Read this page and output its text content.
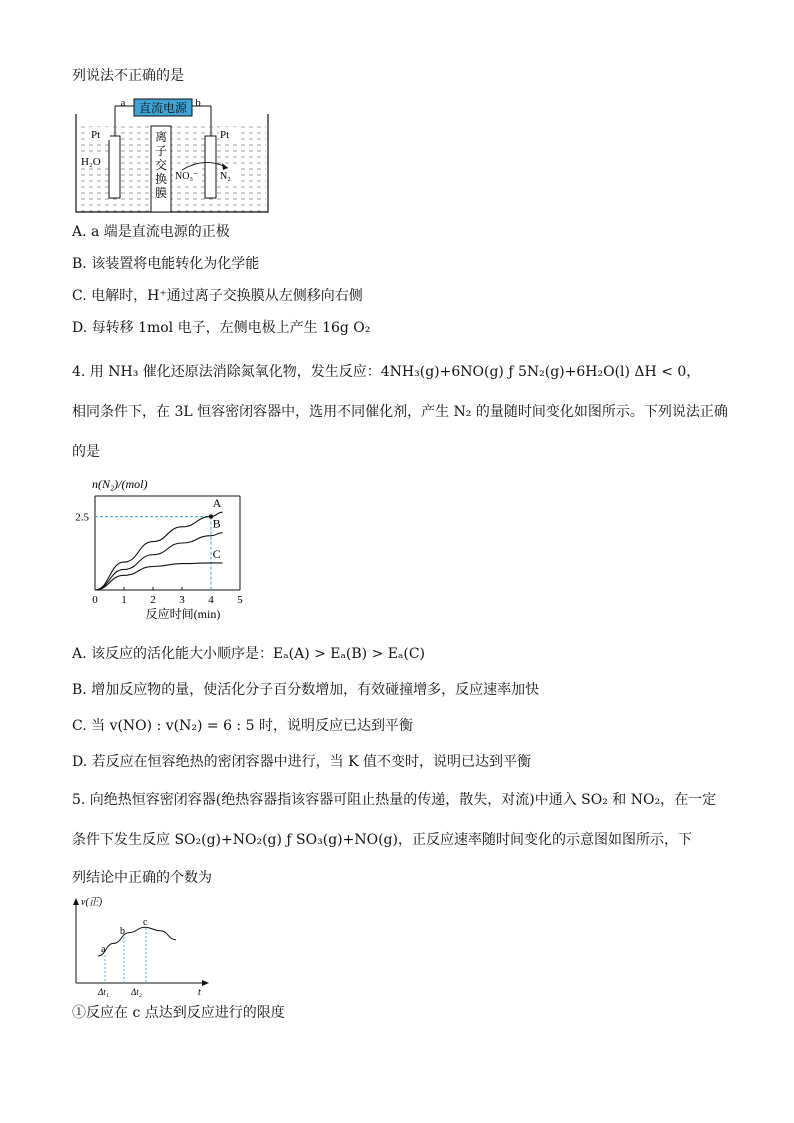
列说法不正确的是
直流电源
a	b
离
子
交
换
膜
Pt	Pt
H₂O
NO₃⁻ N₂
A. a 端是直流电源的正极
B. 该装置将电能转化为化学能
C. 电解时，H⁺通过离子交换膜从左侧移向右侧
D. 每转移 1mol 电子，左侧电极上产生 16g O₂
4. 用 NH₃ 催化还原法消除氮氧化物，发生反应：4NH₃(g)+6NO(g) ƒ 5N₂(g)+6H₂O(l) ΔH < 0，
相同条件下，在 3L 恒容密闭容器中，选用不同催化剂，产生 N₂ 的量随时间变化如图所示。下列说法正确
的是
n(N₂)/(mol)
0 1 2 3 4 5
2.5
A
B
C
反应时间(min)
A. 该反应的活化能大小顺序是：Eₐ(A) > Eₐ(B) > Eₐ(C)
B. 增加反应物的量，使活化分子百分数增加，有效碰撞增多，反应速率加快
C. 当 v(NO) : v(N₂) = 6 : 5 时，说明反应已达到平衡
D. 若反应在恒容绝热的密闭容器中进行，当 K 值不变时，说明已达到平衡
5. 向绝热恒容密闭容器(绝热容器指该容器可阻止热量的传递，散失，对流)中通入 SO₂ 和 NO₂，在一定
条件下发生反应 SO₂(g)+NO₂(g) ƒ SO₃(g)+NO(g)，正反应速率随时间变化的示意图如图所示，下
列结论中正确的个数为
v(正)
t
a
b
c
Δt₁ Δt₂
①反应在 c 点达到反应进行的限度
